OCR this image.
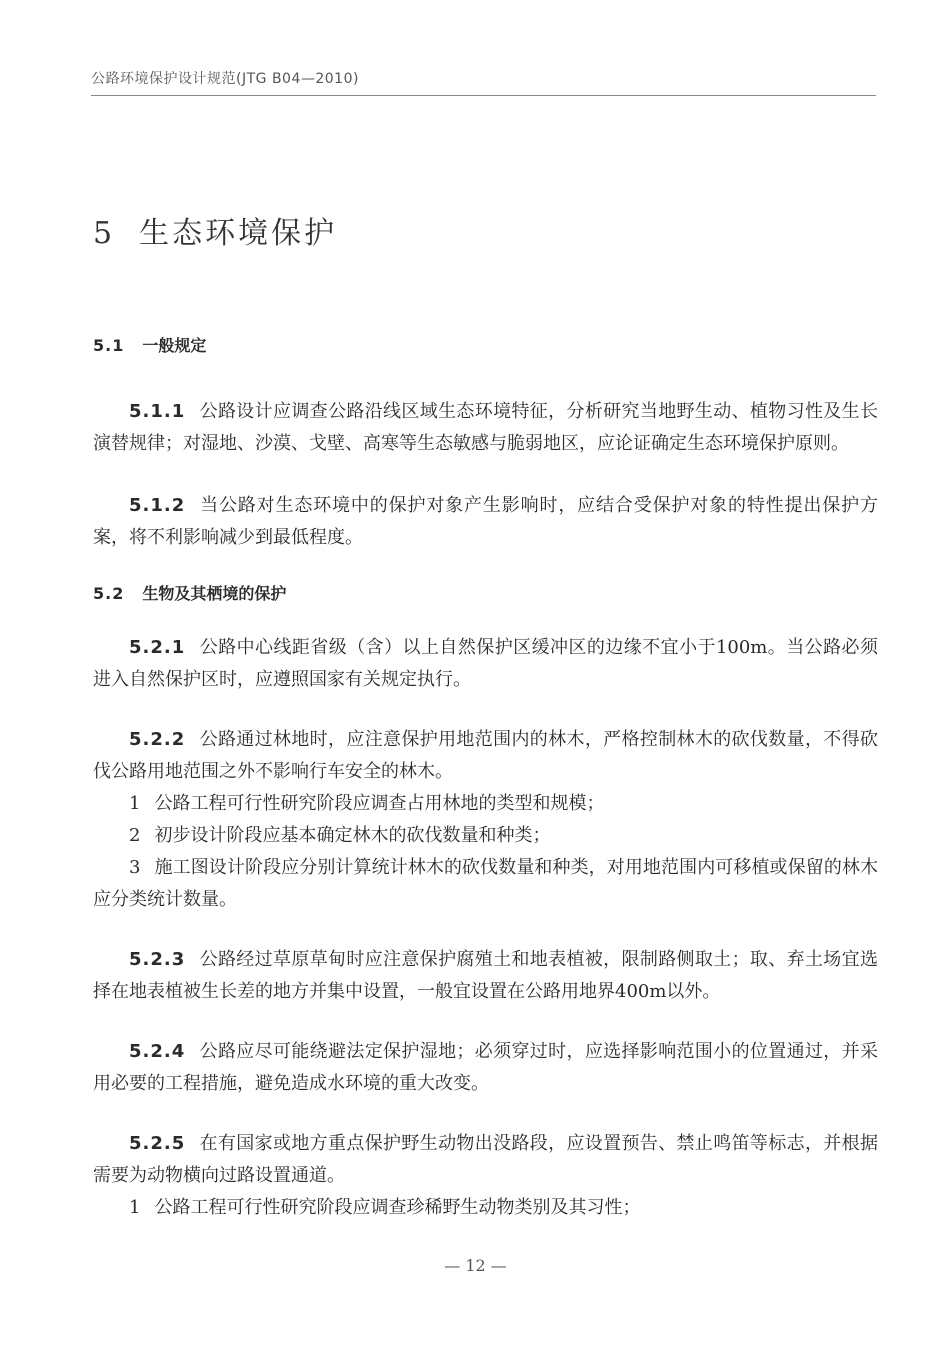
公路环境保护设计规范(JTG B04—2010)
5 生态环境保护
5.1 一般规定

5.1.1 公路设计应调查公路沿线区域生态环境特征，分析研究当地野生动、植物习性及生长演替规律；对湿地、沙漠、戈壁、高寒等生态敏感与脆弱地区，应论证确定生态环境保护原则。

5.1.2 当公路对生态环境中的保护对象产生影响时，应结合受保护对象的特性提出保护方案，将不利影响减少到最低程度。

5.2 生物及其栖境的保护

5.2.1 公路中心线距省级（含）以上自然保护区缓冲区的边缘不宜小于100m。当公路必须进入自然保护区时，应遵照国家有关规定执行。

5.2.2 公路通过林地时，应注意保护用地范围内的林木，严格控制林木的砍伐数量，不得砍伐公路用地范围之外不影响行车安全的林木。

1 公路工程可行性研究阶段应调查占用林地的类型和规模；

2 初步设计阶段应基本确定林木的砍伐数量和种类；

3 施工图设计阶段应分别计算统计林木的砍伐数量和种类，对用地范围内可移植或保留的林木应分类统计数量。

5.2.3 公路经过草原草甸时应注意保护腐殖土和地表植被，限制路侧取土；取、弃土场宜选择在地表植被生长差的地方并集中设置，一般宜设置在公路用地界400m以外。

5.2.4 公路应尽可能绕避法定保护湿地；必须穿过时，应选择影响范围小的位置通过，并采用必要的工程措施，避免造成水环境的重大改变。

5.2.5 在有国家或地方重点保护野生动物出没路段，应设置预告、禁止鸣笛等标志，并根据需要为动物横向过路设置通道。

1 公路工程可行性研究阶段应调查珍稀野生动物类别及其习性；

— 12 —
